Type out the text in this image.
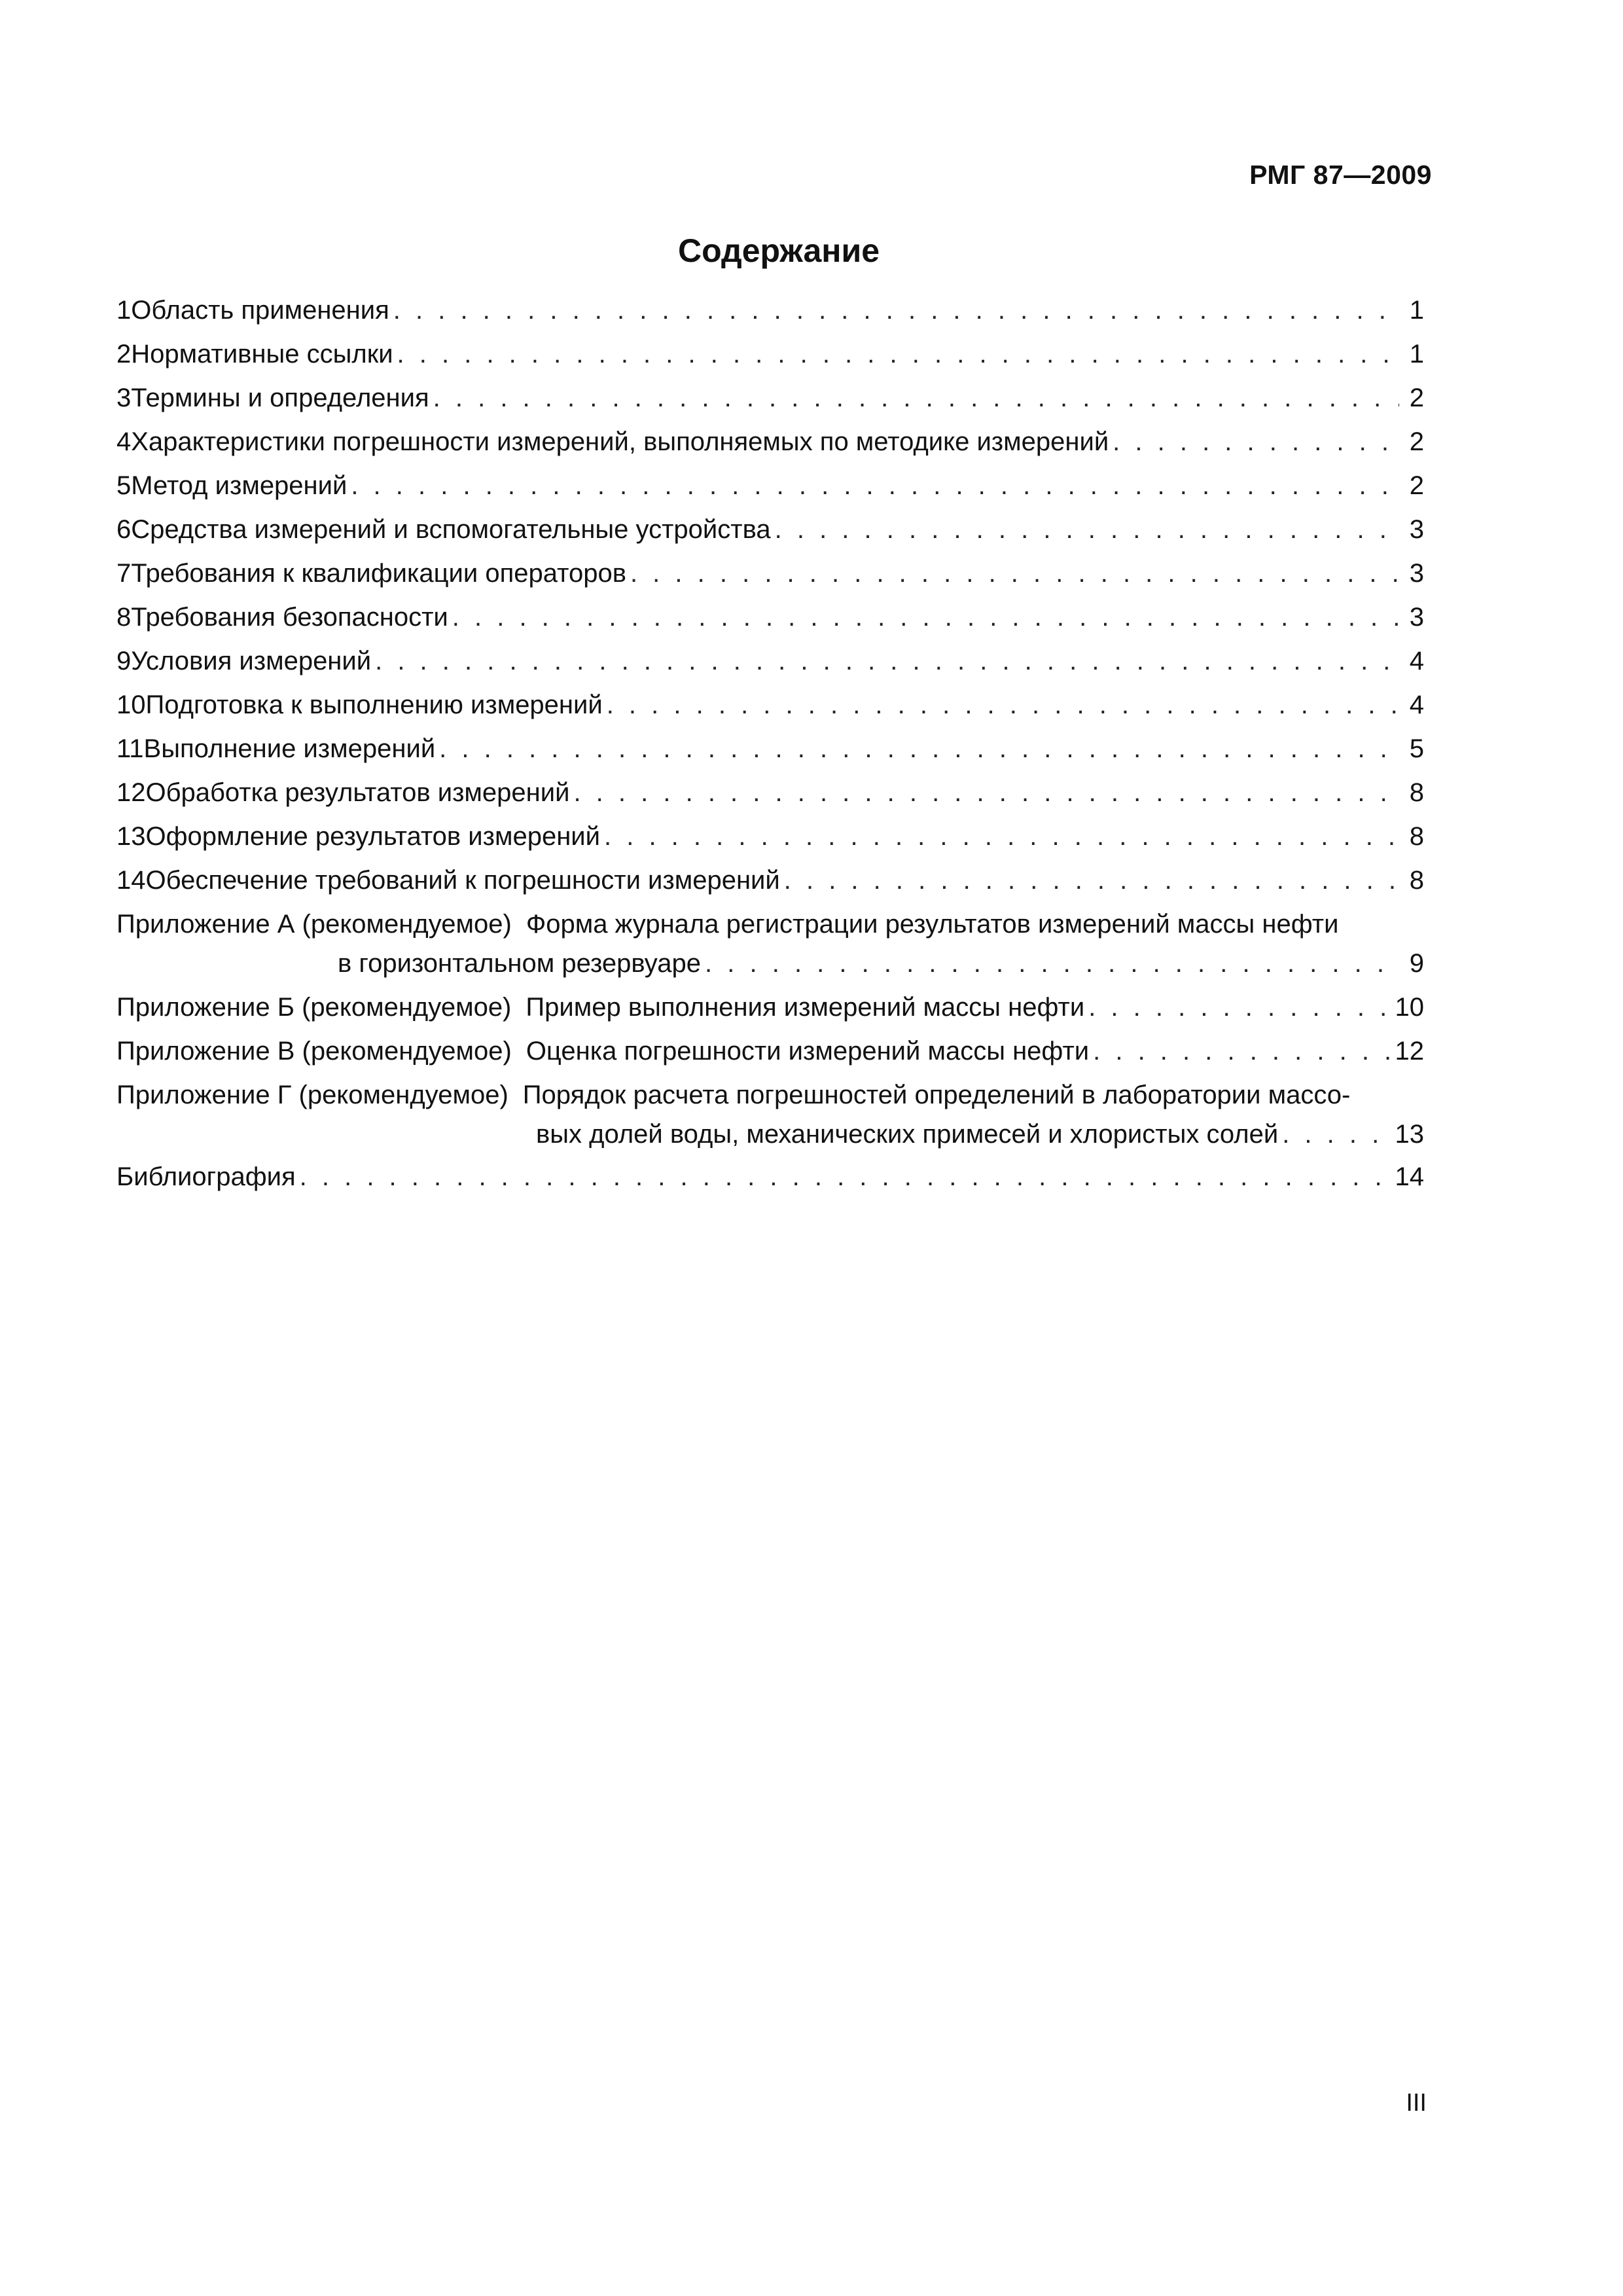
РМГ 87—2009
Содержание
1 Область применения . . .	1
2 Нормативные ссылки . . .	1
3 Термины и определения . . .	2
4 Характеристики погрешности измерений, выполняемых по методике измерений . . .	2
5 Метод измерений . . .	2
6 Средства измерений и вспомогательные устройства . . .	3
7 Требования к квалификации операторов . . .	3
8 Требования безопасности . . .	3
9 Условия измерений . . .	4
10 Подготовка к выполнению измерений . . .	4
11 Выполнение измерений . . .	5
12 Обработка результатов измерений . . .	8
13 Оформление результатов измерений . . .	8
14 Обеспечение требований к погрешности измерений . . .	8
Приложение А (рекомендуемое) Форма журнала регистрации результатов измерений массы нефти
в горизонтальном резервуаре . . .	9
Приложение Б (рекомендуемое) Пример выполнения измерений массы нефти . . .	10
Приложение В (рекомендуемое) Оценка погрешности измерений массы нефти . . .	12
Приложение Г (рекомендуемое) Порядок расчета погрешностей определений в лаборатории массо-
вых долей воды, механических примесей и хлористых солей . . .	13
Библиография . . .	14
III
